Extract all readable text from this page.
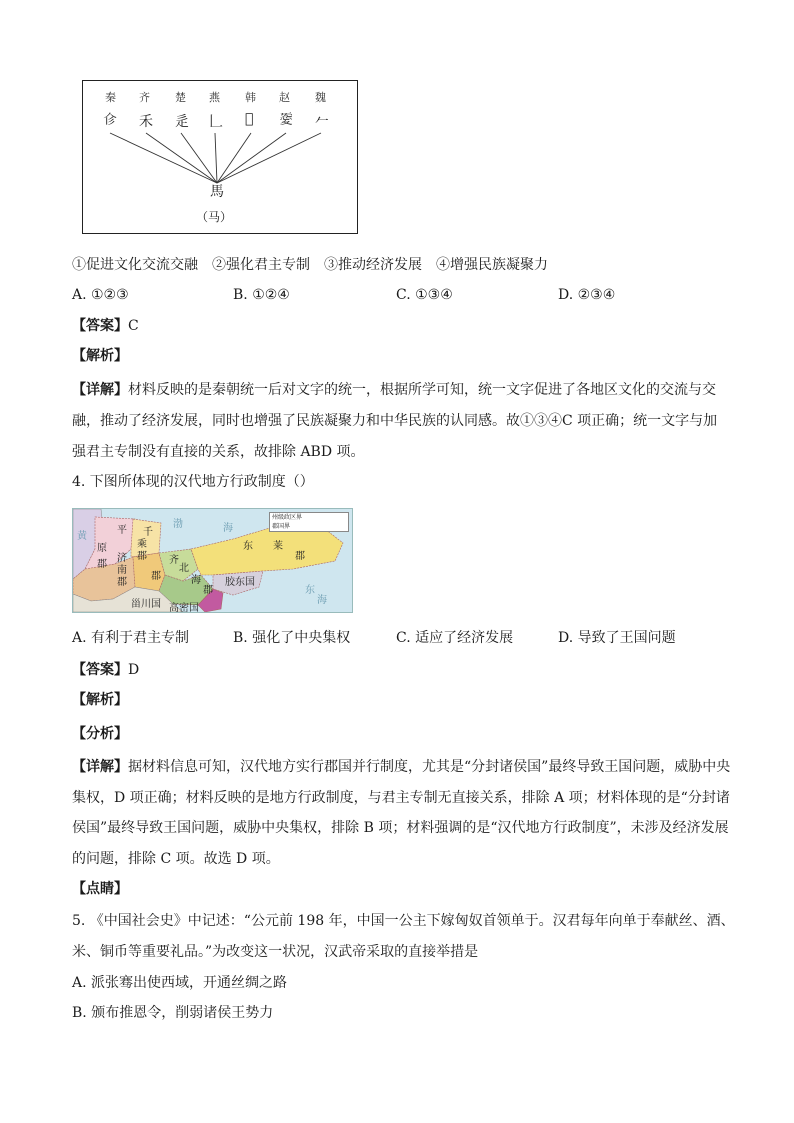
秦 齐 楚 燕 韩 赵 魏
𢒃 禾 ⾡ 𠃊 𡴀 𢙴 𠂉
馬
（马）
①促进文化交流交融　②强化君主专制　③推动经济发展　④增强民族凝聚力
A. ①②③	B. ①②④	C. ①③④	D. ②③④
【答案】C
【解析】
【详解】材料反映的是秦朝统一后对文字的统一，根据所学可知，统一文字促进了各地区文化的交流与交
融，推动了经济发展，同时也增强了民族凝聚力和中华民族的认同感。故①③④C 项正确；统一文字与加
强君主专制没有直接的关系，故排除 ABD 项。
4. 下图所体现的汉代地方行政制度（）
州级政区界
郡国界
渤	海
东
海
黄
平
原
郡
千
乘
郡
济
南
郡
齐
郡
北
海
郡
东 莱
郡
胶东国
甾川国 高密国
A. 有利于君主专制	B. 强化了中央集权	C. 适应了经济发展	D. 导致了王国问题
【答案】D
【解析】
【分析】
【详解】据材料信息可知，汉代地方实行郡国并行制度，尤其是“分封诸侯国”最终导致王国问题，威胁中央
集权，D 项正确；材料反映的是地方行政制度，与君主专制无直接关系，排除 A 项；材料体现的是“分封诸
侯国”最终导致王国问题，威胁中央集权，排除 B 项；材料强调的是“汉代地方行政制度”，未涉及经济发展
的问题，排除 C 项。故选 D 项。
【点睛】
5. 《中国社会史》中记述：“公元前 198 年，中国一公主下嫁匈奴首领单于。汉君每年向单于奉献丝、酒、
米、铜币等重要礼品。”为改变这一状况，汉武帝采取的直接举措是
A. 派张骞出使西域，开通丝绸之路
B. 颁布推恩令，削弱诸侯王势力
